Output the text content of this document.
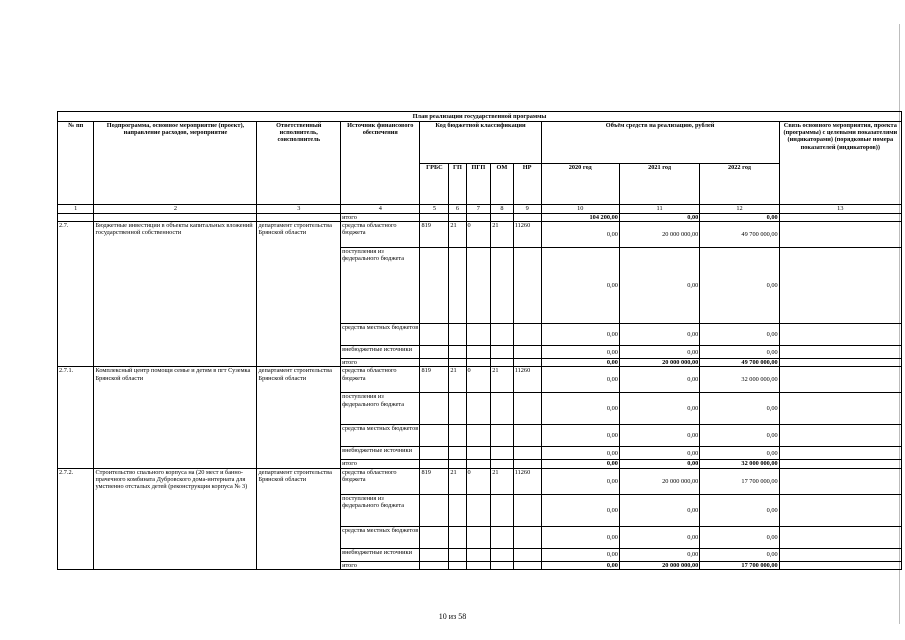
План реализации государственной программы												
№ пп	Подпрограмма, основное мероприятие (проект), направление расходов, мероприятие	Ответственный исполнитель, соисполнитель	Источник финансового обеспечения	Код бюджетной классификации					Объём средств на реализацию, рублей			Связь основного мероприятия, проекта (программы) с целевыми показателями (индикаторами) (порядковые номера показателей (индикаторов))
				ГРБС	ГП	ПГП	ОМ	НР	2020 год	2021 год	2022 год	
1	2	3	4	5	6	7	8	9	10	11	12	13
			итого						104 200,00	0,00	0,00	
2.7.	Бюджетные инвестиции в объекты капитальных вложений государственной собственности	департамент строительства Брянской области	средства областного бюджета	819	21	0	21	11260	0,00	20 000 000,00	49 700 000,00	
			поступления из федерального бюджета						0,00	0,00	0,00	
			средства местных бюджетов						0,00	0,00	0,00	
			внебюджетные источники						0,00	0,00	0,00	
			итого						0,00	20 000 000,00	49 700 000,00	
2.7.1.	Комплексный центр помощи семье и детям в пгт Суземка Брянской области	департамент строительства Брянской области	средства областного бюджета	819	21	0	21	11260	0,00	0,00	32 000 000,00	
			поступления из федерального бюджета						0,00	0,00	0,00	
			средства местных бюджетов						0,00	0,00	0,00	
			внебюджетные источники						0,00	0,00	0,00	
			итого						0,00	0,00	32 000 000,00	
2.7.2.	Строительство спального корпуса на (20 мест и банно-прачечного комбината Дубровского дома-интерната для умственно отсталых детей (реконструкция корпуса № 3)	департамент строительства Брянской области	средства областного бюджета	819	21	0	21	11260	0,00	20 000 000,00	17 700 000,00	
			поступления из федерального бюджета						0,00	0,00	0,00	
			средства местных бюджетов						0,00	0,00	0,00	
			внебюджетные источники						0,00	0,00	0,00	
			итого						0,00	20 000 000,00	17 700 000,00	
10 из 58
